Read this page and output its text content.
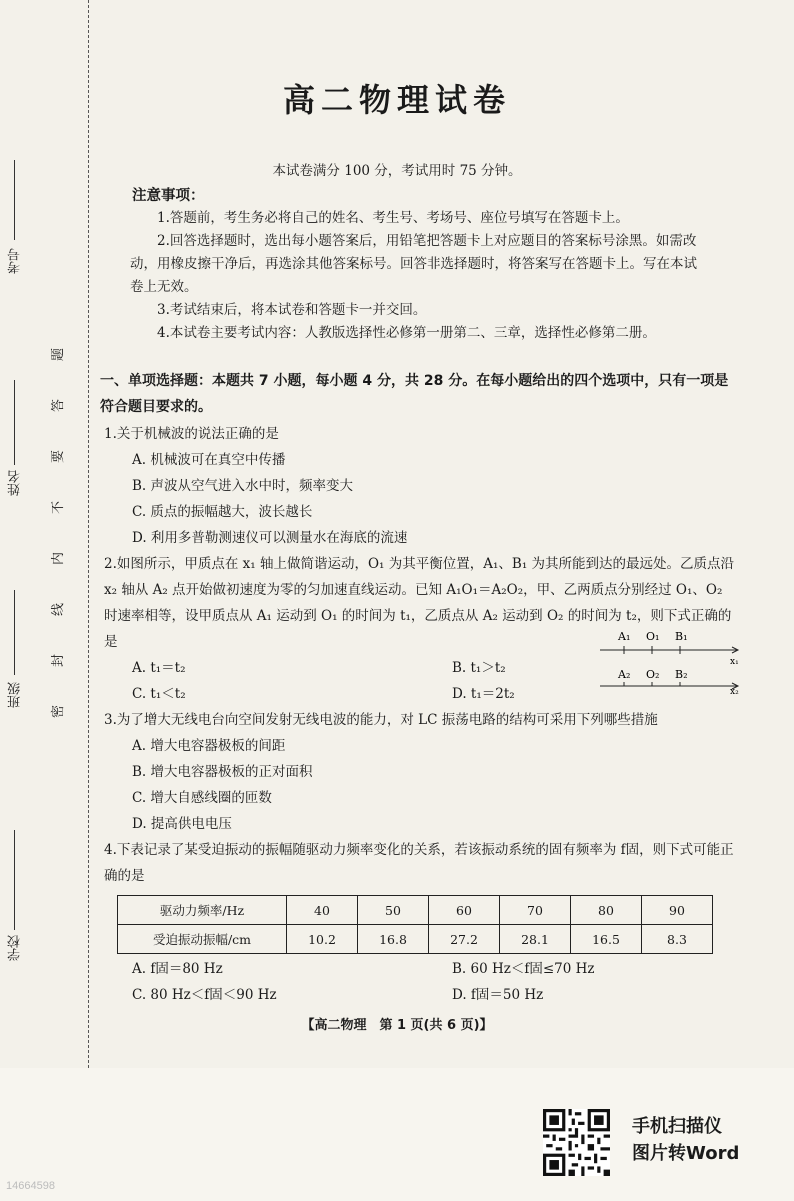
考号
姓名
班级
学校
题
答
要
不
内
线
封
密
高二物理试卷
本试卷满分 100 分，考试用时 75 分钟。
注意事项：

1.答题前，考生务必将自己的姓名、考生号、考场号、座位号填写在答题卡上。

2.回答选择题时，选出每小题答案后，用铅笔把答题卡上对应题目的答案标号涂黑。如需改动，用橡皮擦干净后，再选涂其他答案标号。回答非选择题时，将答案写在答题卡上。写在本试卷上无效。

3.考试结束后，将本试卷和答题卡一并交回。

4.本试卷主要考试内容：人教版选择性必修第一册第二、三章，选择性必修第二册。

一、单项选择题：本题共 7 小题，每小题 4 分，共 28 分。在每小题给出的四个选项中，只有一项是符合题目要求的。

1.关于机械波的说法正确的是

A. 机械波可在真空中传播

B. 声波从空气进入水中时，频率变大

C. 质点的振幅越大，波长越长

D. 利用多普勒测速仪可以测量水在海底的流速

2.如图所示，甲质点在 x₁ 轴上做简谐运动，O₁ 为其平衡位置，A₁、B₁ 为其所能到达的最远处。乙质点沿 x₂ 轴从 A₂ 点开始做初速度为零的匀加速直线运动。已知 A₁O₁＝A₂O₂，甲、乙两质点分别经过 O₁、O₂ 时速率相等，设甲质点从 A₁ 运动到 O₁ 的时间为 t₁，乙质点从 A₂ 运动到 O₂ 的时间为 t₂，则下式正确的是

A. t₁＝t₂	B. t₁＞t₂
C. t₁＜t₂	D. t₁＝2t₂
A₁ O₁ B₁
x₁
A₂ O₂ B₂
x₂

3.为了增大无线电台向空间发射无线电波的能力，对 LC 振荡电路的结构可采用下列哪些措施

A. 增大电容器极板的间距

B. 增大电容器极板的正对面积

C. 增大自感线圈的匝数

D. 提高供电电压

4.下表记录了某受迫振动的振幅随驱动力频率变化的关系，若该振动系统的固有频率为 f固，则下式可能正确的是

驱动力频率/Hz	40	50	60	70	80	90
受迫振动振幅/cm	10.2	16.8	27.2	28.1	16.5	8.3
A. f固＝80 Hz	B. 60 Hz＜f固≤70 Hz
C. 80 Hz＜f固＜90 Hz	D. f固＝50 Hz
【高二物理　第 1 页(共 6 页)】
手机扫描仪
图片转Word
14664598
